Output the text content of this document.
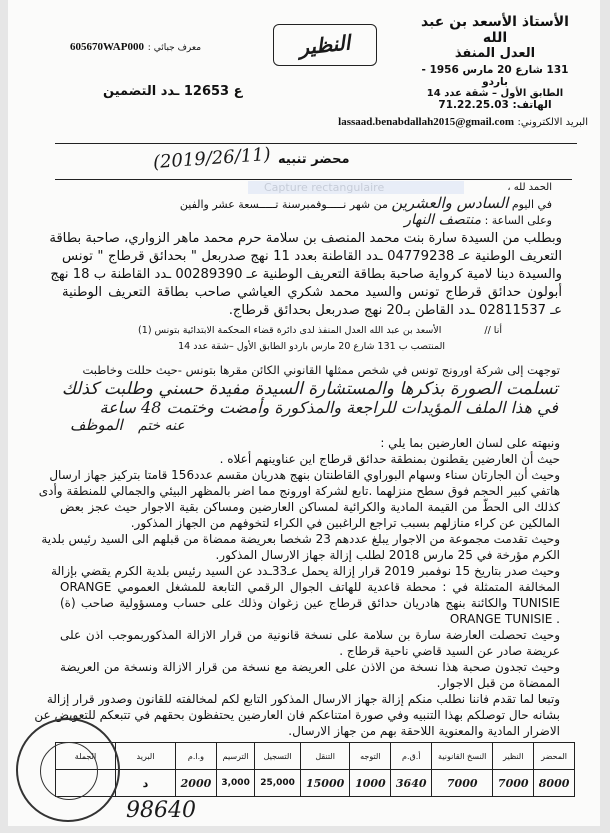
الأستاذ الأسعد بن عبد الله
العدل المنفذ
131 شارع 20 مارس 1956 - باردو
الطابق الأول – شقة عدد 14
الهاتف: 71.22.25.03
البريد الالكتروني: lassaad.benabdallah2015@gmail.com
معرف جبائي : 605670WAP000
ع 12653 ـدد التضمين
النظير
محضر تنبيه
(2019/26/11)
Capture rectangulaire	الحمد لله ،
في اليوم السادس والعشرين من شهر نـــــوفمبرسنة تـــــسعة عشر والفين
وعلى الساعة : منتصف النهار
وبطلب من السيدة سارة بنت محمد المنصف بن سلامة حرم محمد ماهر الزواري، صاحبة بطاقة
التعريف الوطنية عـ 04779238 ـدد القاطنة بعدد 11 نهج صدربعل " بحدائق قرطاج " تونس
والسيدة دينا لامية كرواية صاحبة بطاقة التعريف الوطنية عـ 00289390 ـدد القاطنة ب 18 نهج
أبولون حدائق قرطاج تونس والسيد محمد شكري العياشي صاحب بطاقة التعريف الوطنية
عـ 02811537 ـدد القاطن بـ20 نهج صدربعل بحدائق قرطاج.
أنا // الأسعد بن عبد الله العدل المنفذ لدى دائرة قضاء المحكمة الابتدائية بتونس (1)
المنتصب ب 131 شارع 20 مارس باردو الطابق الأول –شقة عدد 14
توجهت إلى شركة اورونج تونس في شخص ممثلها القانوني الكائن مقرها بتونس -حيث حللت وخاطبت
تسلمت الصورة بذكرها والمستشارة السيدة مفيدة حسني وطلبت كذلك
في هذا الملف المؤيدات للراجعة والمذكورة وأمضت وختمت 48 ساعة
الموظف عنه ختم
ونبهته على لسان العارضين بما يلي :
حيث أن العارضين يقطنون بمنطقة حدائق قرطاج اين عناوينهم أعلاه .
وحيث أن الجارتان سناء وسهام البوراوي القاطنتان بنهج هدريان مقسم عدد156 قامتا بتركيز جهاز ارسال
هاتفي كبير الحجم فوق سطح منزلهما .تابع لشركة اورونج مما اضر بالمظهر البيئي والجمالي للمنطقة وأدى
كذلك الى الحطّ من القيمة المادية والكرائية لمساكن العارضين ومساكن بقية الاجوار حيث عجز بعض
المالكين عن كراء منازلهم بسبب تراجع الراغبين في الكراء لتخوفهم من الجهاز المذكور.
وحيث تقدمت مجموعة من الاجوار يبلغ عددهم 23 شخصا بعريضة ممضاة من قبلهم الى السيد رئيس بلدية
الكرم مؤرخة في 25 مارس 2018 لطلب إزالة جهاز الارسال المذكور.
وحيث صدر بتاريخ 15 نوفمبر 2019 قرار إزالة يحمل عـ33ـدد عن السيد رئيس بلدية الكرم يقضي بإزالة
المخالفة المتمثلة في : محطة قاعدية للهاتف الجوال الرقمي التابعة للمشغل العمومي ORANGE
TUNISIE والكائنة بنهج هادريان حدائق قرطاج عين زغوان وذلك على حساب ومسؤولية صاحب (ة)
. ORANGE TUNISIE
وحيث تحصلت العارضة سارة بن سلامة على نسخة قانونية من قرار الازالة المذكوربموجب اذن على
عريضة صادر عن السيد قاضي ناحية قرطاج .
وحيث تجدون صحبة هذا نسخة من الاذن على العريضة مع نسخة من قرار الازالة ونسخة من العريضة
الممضاة من قبل الاجوار.
وتبعا لما تقدم فاننا نطلب منكم إزالة جهاز الارسال المذكور التابع لكم لمخالفته للقانون وصدور قرار إزالة
بشانه حال توصلكم بهذا التنبيه وفي صورة امتناعكم فان العارضين يحتفظون بحقهم في تتبعكم للتعويض عن
الاضرار المادية والمعنوية اللاحقة بهم من جهاز الارسال.
المحضر	النظير	النسخ القانونية	أ.ق.م	التوجه	التنقل	التسجيل	الترسيم	و.ا.م	البريد	الجملة
8000	7000	7000	3640	1000	15000	25,000	3,000	2000	د	
98640
